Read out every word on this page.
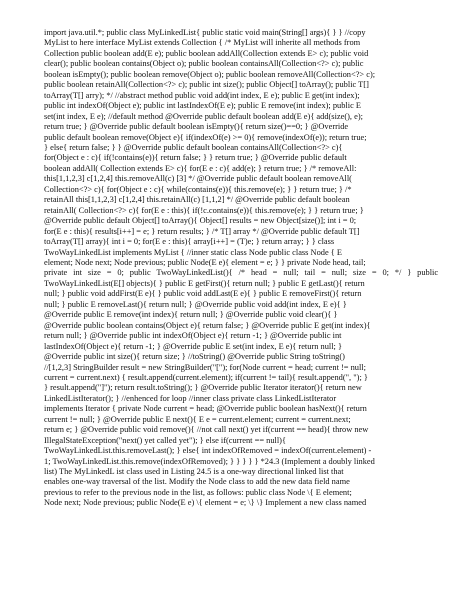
import java.util.*; public class MyLinkedList{ public static void main(String[] args){ } } //copy
MyList to here interface MyList extends Collection { /* MyList will inherite all methods from
Collection public boolean add(E e); public boolean addAll(Collection extends E> c); public void
clear(); public boolean contains(Object o); public boolean containsAll(Collection<?> c); public
boolean isEmpty(); public boolean remove(Object o); public boolean removeAll(Collection<?> c);
public boolean retainAll(Collection<?> c); public int size(); public Object[] toArray(); public T[]
toArray(T[] arry); */ //abstract method public void add(int index, E e); public E get(int index);
public int indexOf(Object e); public int lastIndexOf(E e); public E remove(int index); public E
set(int index, E e); //default method @Override public default boolean add(E e){ add(size(), e);
return true; } @Override public default boolean isEmpty(){ return size()==0; } @Override
public default boolean remove(Object e){ if(indexOf(e) >= 0){ remove(indexOf(e)); return true;
} else{ return false; } } @Override public default boolean containsAll(Collection<?> c){
for(Object e : c){ if(!contains(e)){ return false; } } return true; } @Override public default
boolean addAll( Collection extends E> c){ for(E e : c){ add(e); } return true; } /* removeAll:
this[1,1,2,3] c[1,2,4] this.removeAll(c) [3] */ @Override public default boolean removeAll(
Collection<?> c){ for(Object e : c){ while(contains(e)){ this.remove(e); } } return true; } /*
retainAll this[1,1,2,3] c[1,2,4] this.retainAll(c) [1,1,2] */ @Override public default boolean
retainAll( Collection<?> c){ for(E e : this){ if(!c.contains(e)){ this.remove(e); } } return true; }
@Override public default Object[] toArray(){ Object[] results = new Object[size()]; int i = 0;
for(E e : this){ results[i++] = e; } return results; } /* T[] array */ @Override public default T[]
toArray(T[] array){ int i = 0; for(E e : this){ array[i++] = (T)e; } return array; } } class
TwoWayLinkedList implements MyList { //inner static class Node public class Node { E
element; Node next; Node previous; public Node(E e){ element = e; } } private Node head, tail;
private int size = 0; public TwoWayLinkedList(){ /* head = null; tail = null; size = 0; */ } public
TwoWayLinkedList(E[] objects){ } public E getFirst(){ return null; } public E getLast(){ return
null; } public void addFirst(E e){ } public void addLast(E e){ } public E removeFirst(){ return
null; } public E removeLast(){ return null; } @Override public void add(int index, E e){ }
@Override public E remove(int index){ return null; } @Override public void clear(){ }
@Override public boolean contains(Object e){ return false; } @Override public E get(int index){
return null; } @Override public int indexOf(Object e){ return -1; } @Override public int
lastIndexOf(Object e){ return -1; } @Override public E set(int index, E e){ return null; }
@Override public int size(){ return size; } //toString() @Override public String toString()
//[1,2,3] StringBuilder result = new StringBuilder("["); for(Node current = head; current != null;
current = current.next) { result.append(current.element); if(current != tail){ result.append(", "); }
} result.append("]"); return result.toString(); } @Override public Iterator iterator(){ return new
LinkedListIterator(); } //enhenced for loop //inner class private class LinkedListIterator
implements Iterator { private Node current = head; @Override public boolean hasNext(){ return
current != null; } @Override public E next(){ E e = current.element; current = current.next;
return e; } @Override public void remove(){ //not call next() yet if(current == head){ throw new
IllegalStateException("next() yet called yet"); } else if(current == null){
TwoWayLinkedList.this.removeLast(); } else{ int indexOfRemoved = indexOf(current.element) -
1; TwoWayLinkedList.this.remove(indexOfRemoved); } } } } } *24.3 (Implement a doubly linked
list) The MyLinkedL ist class used in Listing 24.5 is a one-way directional linked list that
enables one-way traversal of the list. Modify the Node class to add the new data field name
previous to refer to the previous node in the list, as follows: public class Node \{ E element;
Node next; Node previous; public Node(E e) \{ element = e; \} \} Implement a new class named
